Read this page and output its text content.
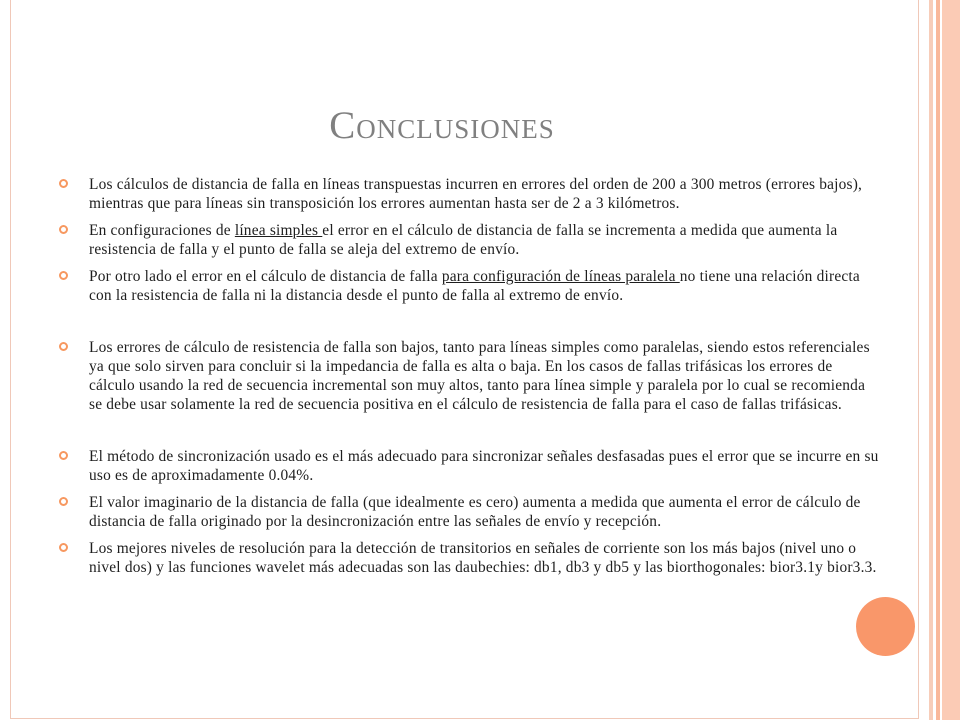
Conclusiones
Los cálculos de distancia de falla en líneas transpuestas incurren en errores del orden de 200 a 300 metros (errores bajos), mientras que para líneas sin transposición los errores aumentan hasta ser de 2 a 3 kilómetros.
En configuraciones de línea simples el error en el cálculo de distancia de falla se incrementa a medida que aumenta la resistencia de falla y el punto de falla se aleja del extremo de envío.
Por otro lado el error en el cálculo de distancia de falla para configuración de líneas paralela no tiene una relación directa con la resistencia de falla ni la distancia desde el punto de falla al extremo de envío.
Los errores de cálculo de resistencia de falla son bajos, tanto para líneas simples como paralelas, siendo estos referenciales ya que solo sirven para concluir si la impedancia de falla es alta o baja. En los casos de fallas trifásicas los errores de cálculo usando la red de secuencia incremental son muy altos, tanto para línea simple y paralela por lo cual se recomienda se debe usar solamente la red de secuencia positiva en el cálculo de resistencia de falla para el caso de fallas trifásicas.
El método de sincronización usado es el más adecuado para sincronizar señales desfasadas pues el error que se incurre en su uso es de aproximadamente 0.04%.
El valor imaginario de la distancia de falla (que idealmente es cero) aumenta a medida que aumenta el error de cálculo de distancia de falla originado por la desincronización entre las señales de envío y recepción.
Los mejores niveles de resolución para la detección de transitorios en señales de corriente son los más bajos (nivel uno o nivel dos) y las funciones wavelet más adecuadas son las daubechies: db1, db3 y db5 y las biorthogonales: bior3.1y bior3.3.
